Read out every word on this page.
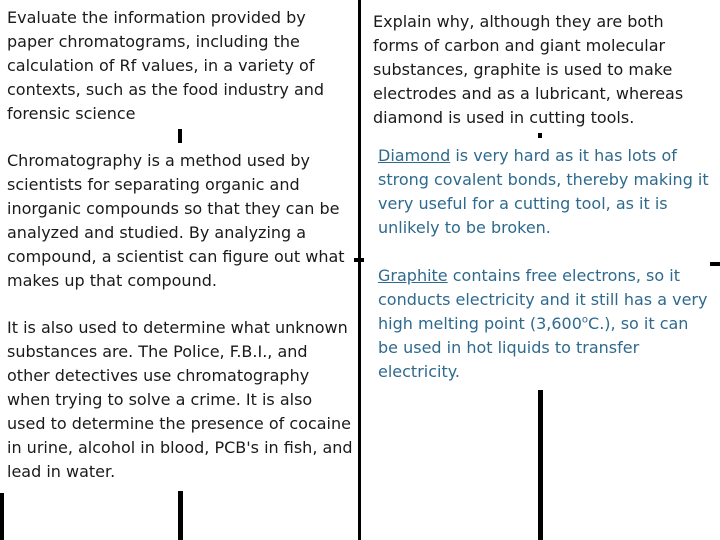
Evaluate the information provided by paper chromatograms, including the calculation of Rf values, in a variety of contexts, such as the food industry and forensic science

Chromatography is a method used by scientists for separating organic and inorganic compounds so that they can be analyzed and studied. By analyzing a compound, a scientist can figure out what makes up that compound.

It is also used to determine what unknown substances are. The Police, F.B.I., and other detectives use chromatography when trying to solve a crime. It is also used to determine the presence of cocaine in urine, alcohol in blood, PCB's in fish, and lead in water.

Explain why, although they are both forms of carbon and giant molecular substances, graphite is used to make electrodes and as a lubricant, whereas diamond is used in cutting tools.

Diamond is very hard as it has lots of strong covalent bonds, thereby making it very useful for a cutting tool, as it is unlikely to be broken.

Graphite contains free electrons, so it conducts electricity and it still has a very high melting point (3,600$^o$C.), so it can be used in hot liquids to transfer electricity.
